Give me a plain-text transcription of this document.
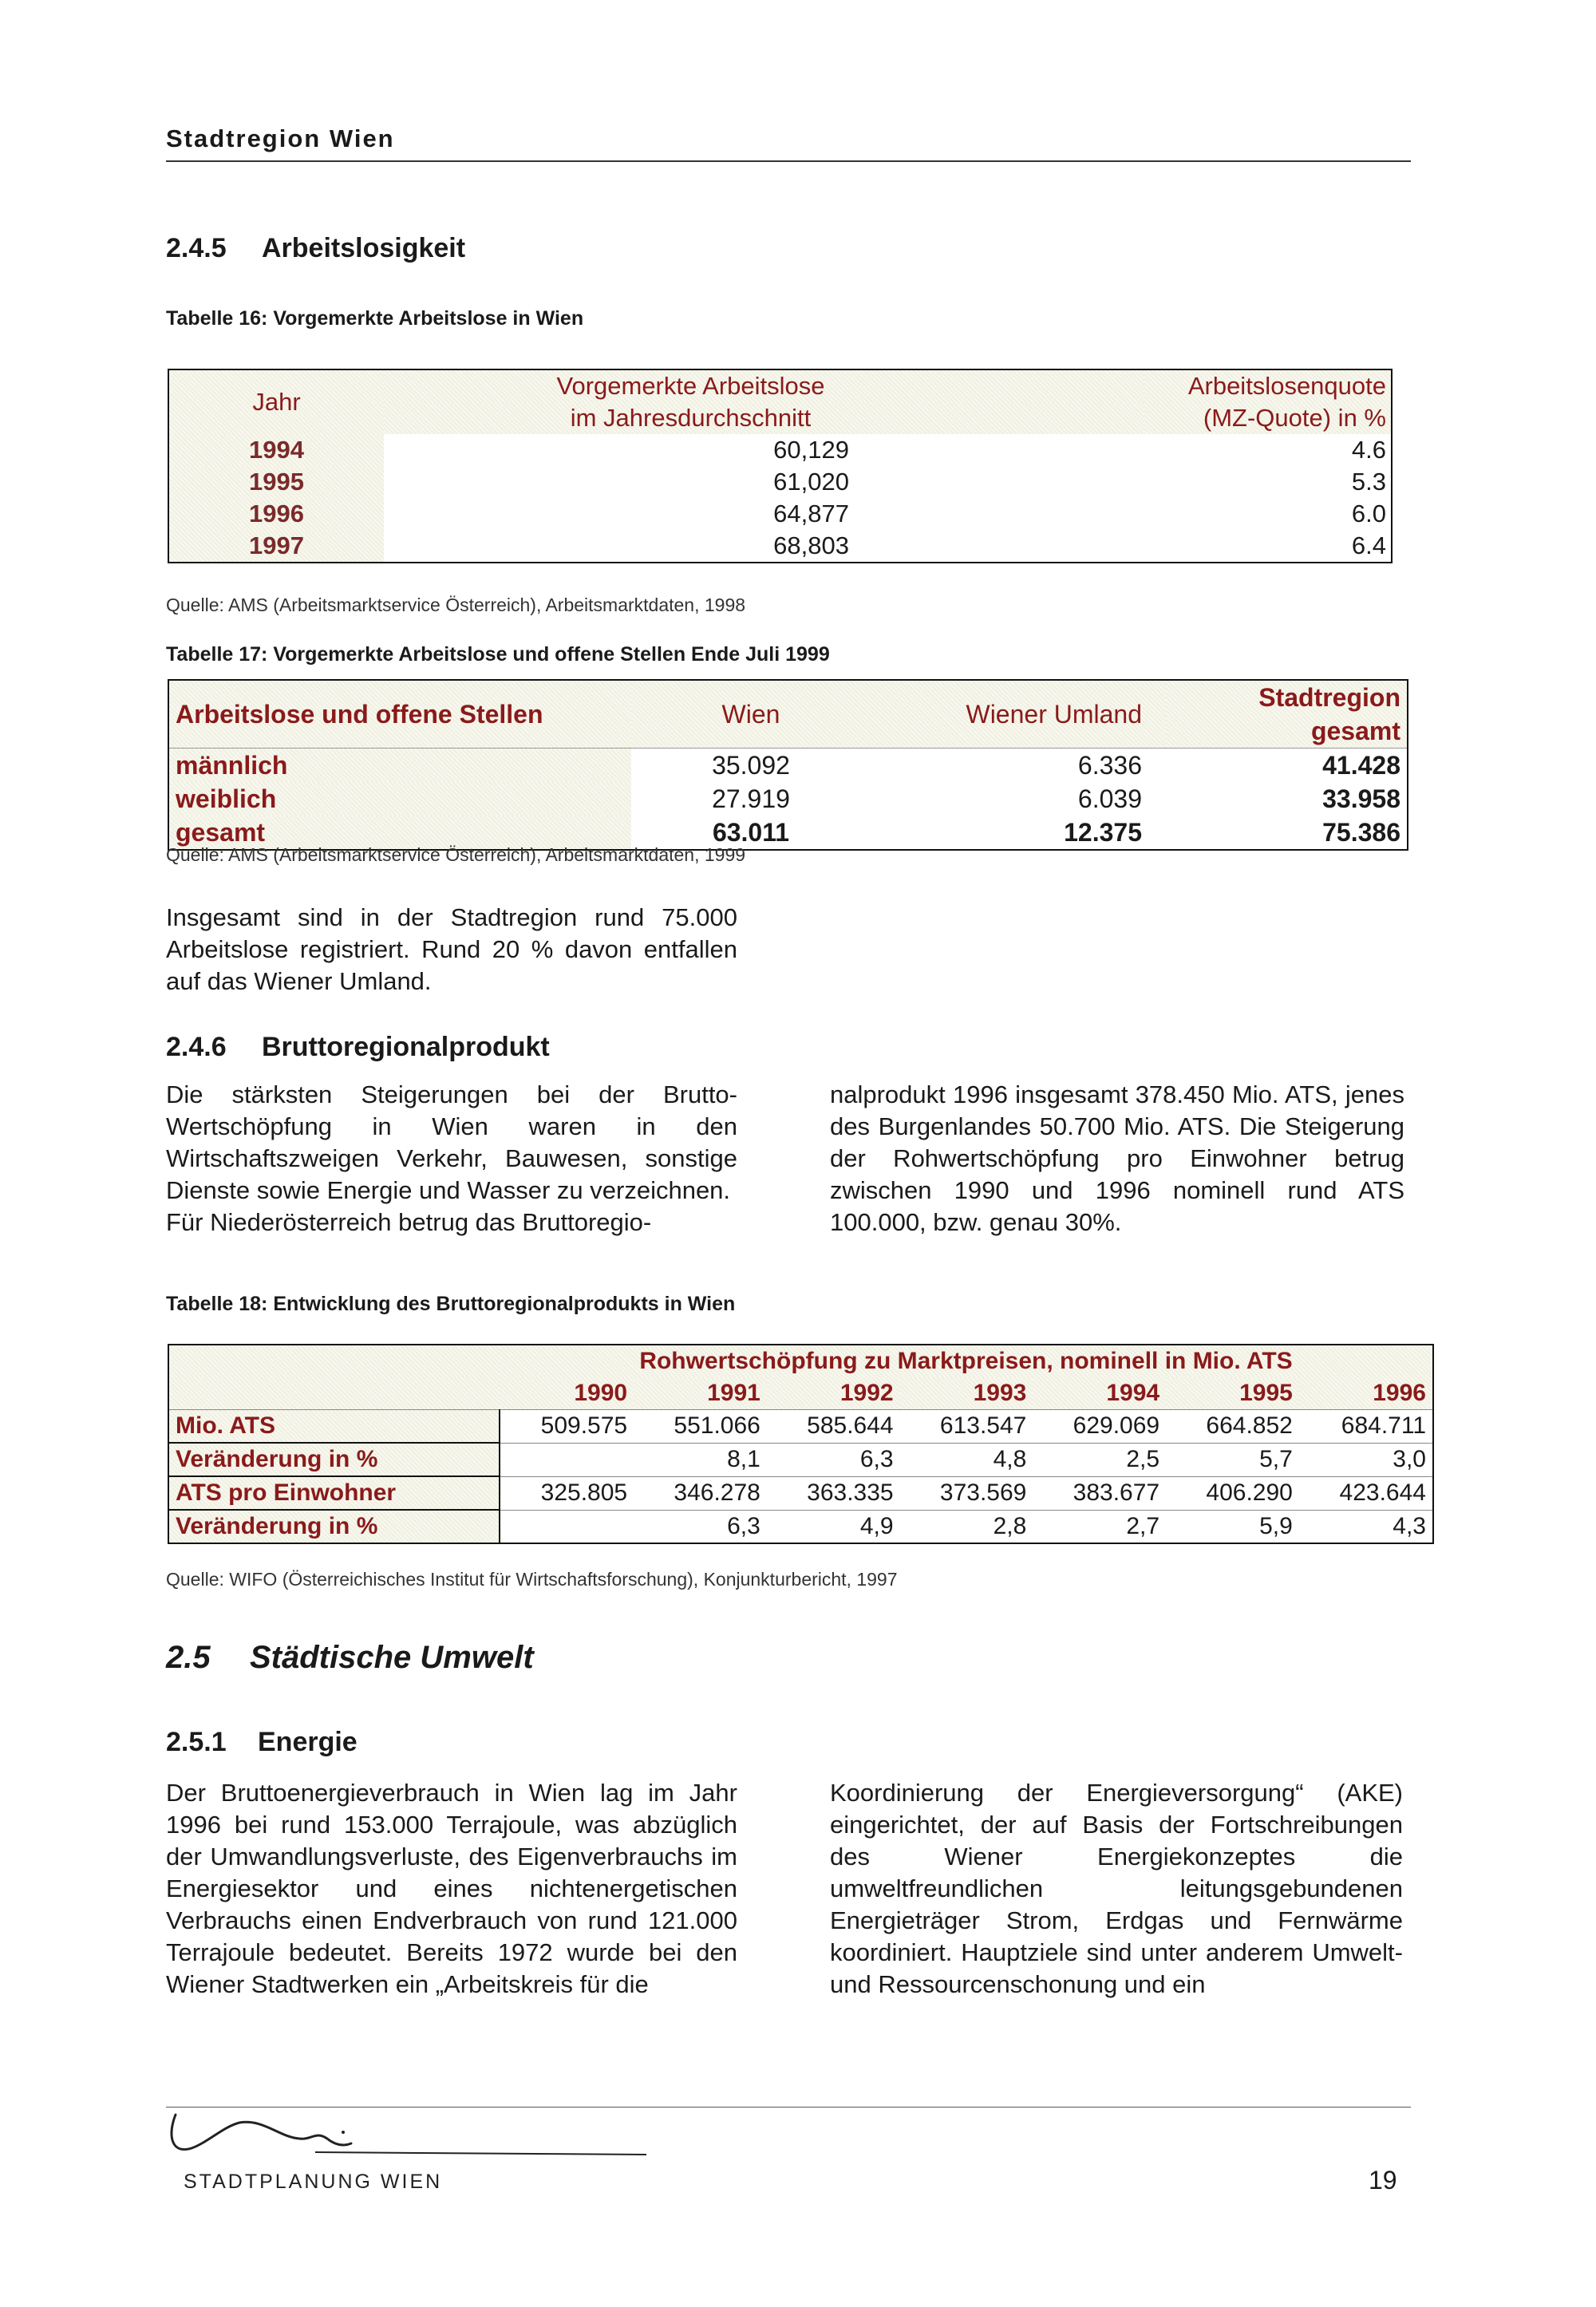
Stadtregion Wien
2.4.5 Arbeitslosigkeit
Tabelle 16: Vorgemerkte Arbeitslose in Wien
Jahr	Vorgemerkte Arbeitslose	Arbeitslosenquote
	im Jahresdurchschnitt	(MZ-Quote) in %
1994	60,129	4.6
1995	61,020	5.3
1996	64,877	6.0
1997	68,803	6.4
Quelle: AMS (Arbeitsmarktservice Österreich), Arbeitsmarktdaten, 1998
Tabelle 17: Vorgemerkte Arbeitslose und offene Stellen Ende Juli 1999
Arbeitslose und offene Stellen	Wien	Wiener Umland	Stadtregion gesamt
männlich	35.092	6.336	41.428
weiblich	27.919	6.039	33.958
gesamt	63.011	12.375	75.386
Quelle: AMS (Arbeitsmarktservice Österreich), Arbeitsmarktdaten, 1999
Insgesamt sind in der Stadtregion rund 75.000 Arbeitslose registriert. Rund 20 % davon entfallen auf das Wiener Umland.
2.4.6 Bruttoregionalprodukt

Die stärksten Steigerungen bei der Brutto-Wertschöpfung in Wien waren in den Wirtschaftszweigen Verkehr, Bauwesen, sonstige Dienste sowie Energie und Wasser zu verzeichnen.

Für Niederösterreich betrug das Bruttoregio-

nalprodukt 1996 insgesamt 378.450 Mio. ATS, jenes des Burgenlandes 50.700 Mio. ATS. Die Steigerung der Rohwertschöpfung pro Einwohner betrug zwischen 1990 und 1996 nominell rund ATS 100.000, bzw. genau 30%.
Tabelle 18: Entwicklung des Bruttoregionalprodukts in Wien
	Rohwertschöpfung zu Marktpreisen, nominell in Mio. ATS						
	1990	1991	1992	1993	1994	1995	1996
Mio. ATS	509.575	551.066	585.644	613.547	629.069	664.852	684.711
Veränderung in %		8,1	6,3	4,8	2,5	5,7	3,0
ATS pro Einwohner	325.805	346.278	363.335	373.569	383.677	406.290	423.644
Veränderung in %		6,3	4,9	2,8	2,7	5,9	4,3
Quelle: WIFO (Österreichisches Institut für Wirtschaftsforschung), Konjunkturbericht, 1997
2.5 Städtische Umwelt
2.5.1 Energie
Der Bruttoenergieverbrauch in Wien lag im Jahr 1996 bei rund 153.000 Terrajoule, was abzüglich der Umwandlungsverluste, des Eigenverbrauchs im Energiesektor und eines nichtenergetischen Verbrauchs einen Endverbrauch von rund 121.000 Terrajoule bedeutet. Bereits 1972 wurde bei den Wiener Stadtwerken ein „Arbeitskreis für die
Koordinierung der Energieversorgung“ (AKE) eingerichtet, der auf Basis der Fortschreibungen des Wiener Energiekonzeptes die umweltfreundlichen leitungsgebundenen Energieträger Strom, Erdgas und Fernwärme koordiniert. Hauptziele sind unter anderem Umwelt- und Ressourcenschonung und ein
STADTPLANUNG WIEN	19
